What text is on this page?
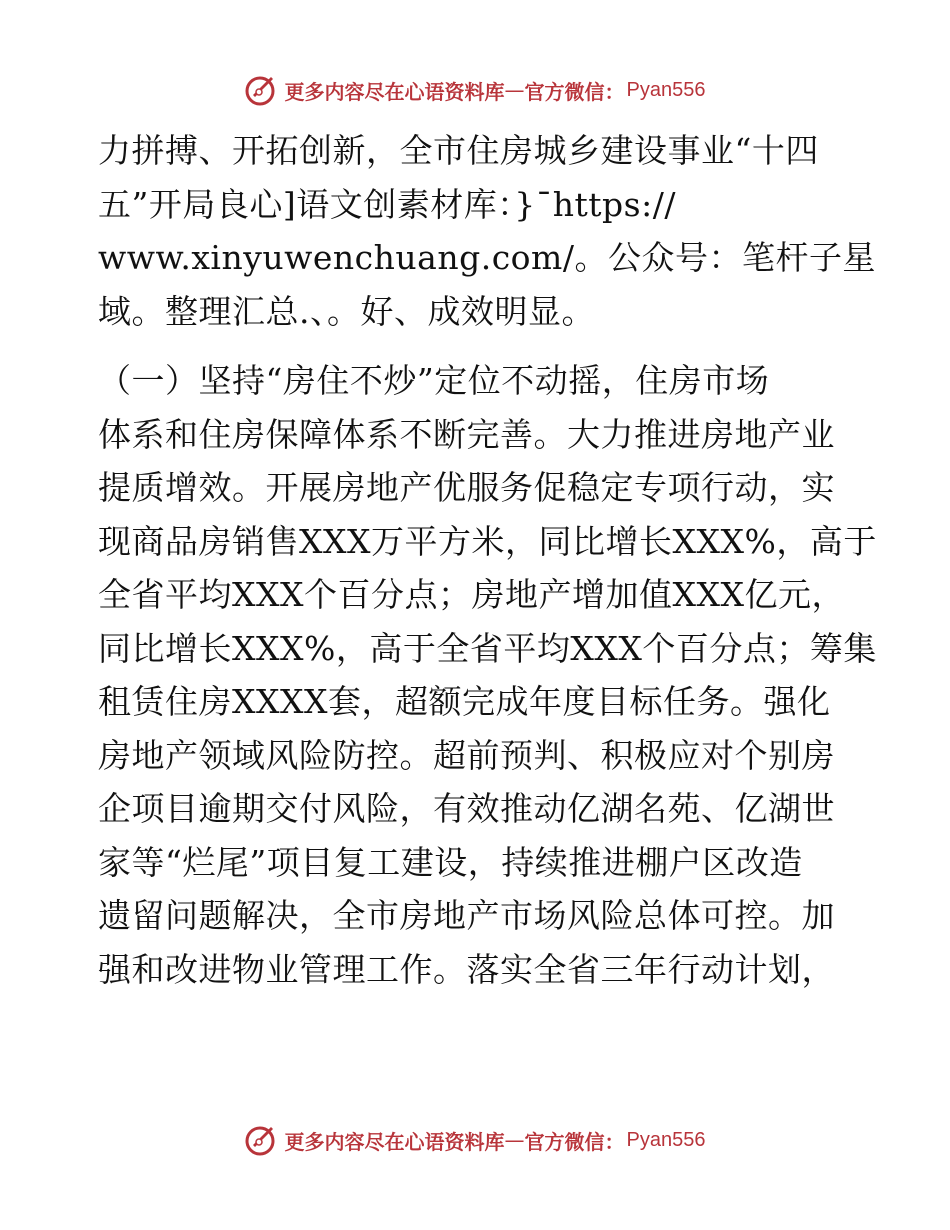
更多内容尽在心语资料库 — 官方微信： Pyan556
力拼搏、开拓创新，全市住房城乡建设事业“十四
五”开局良心]语文创素材库：}¯https://
www.xinyuwenchuang.com/。公众号：笔杆子星
域。整理汇总.、。好、成效明显。
（一）坚持“房住不炒”定位不动摇，住房市场
体系和住房保障体系不断完善。大力推进房地产业
提质增效。开展房地产优服务促稳定专项行动，实
现商品房销售XXX万平方米，同比增长XXX%，高于
全省平均XXX个百分点；房地产增加值XXX亿元，
同比增长XXX%，高于全省平均XXX个百分点；筹集
租赁住房XXXX套，超额完成年度目标任务。强化
房地产领域风险防控。超前预判、积极应对个别房
企项目逾期交付风险，有效推动亿湖名苑、亿湖世
家等“烂尾”项目复工建设，持续推进棚户区改造
遗留问题解决，全市房地产市场风险总体可控。加
强和改进物业管理工作。落实全省三年行动计划，
更多内容尽在心语资料库 — 官方微信： Pyan556
